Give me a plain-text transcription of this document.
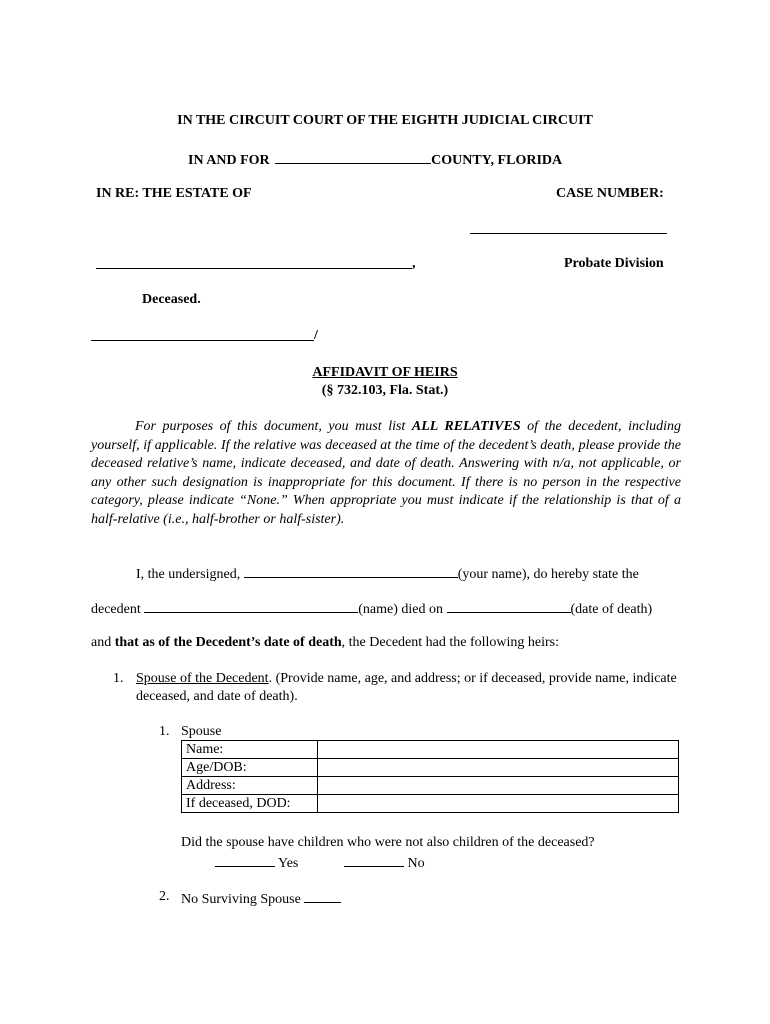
IN THE CIRCUIT COURT OF THE EIGHTH JUDICIAL CIRCUIT
IN AND FOR	COUNTY, FLORIDA
IN RE: THE ESTATE OF	CASE NUMBER:
,	Probate Division
Deceased.
/
AFFIDAVIT OF HEIRS
(§ 732.103, Fla. Stat.)
For purposes of this document, you must list ALL RELATIVES of the decedent, including yourself, if applicable. If the relative was deceased at the time of the decedent’s death, please provide the deceased relative’s name, indicate deceased, and date of death. Answering with n/a, not applicable, or any other such designation is inappropriate for this document. If there is no person in the respective category, please indicate “None.” When appropriate you must indicate if the relationship is that of a half-relative (i.e., half-brother or half-sister).
I, the undersigned,	(your name), do hereby state the
decedent	(name) died on	(date of death)
and that as of the Decedent’s date of death, the Decedent had the following heirs:
1. Spouse of the Decedent. (Provide name, age, and address; or if deceased, provide name, indicate deceased, and date of death).
1. Spouse
Name:	
Age/DOB:	
Address:	
If deceased, DOD:	
Did the spouse have children who were not also children of the deceased?
Yes	No
2. No Surviving Spouse
